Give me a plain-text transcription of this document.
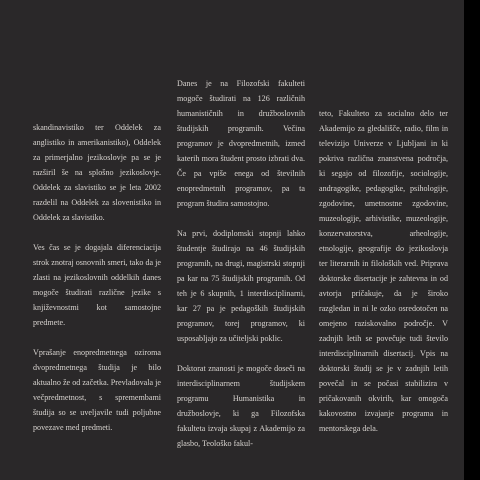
skandinavistiko ter Oddelek za anglistiko in amerikanistiko), Oddelek za primerjalno jezikoslovje pa se je razširil še na splošno jezikoslovje. Oddelek za slavistiko se je leta 2002 razdelil na Oddelek za slovenistiko in Oddelek za slavistiko.

Ves čas se je dogajala diferenciacija strok znotraj osnovnih smeri, tako da je zlasti na jezikoslovnih oddelkih danes mogoče študirati različne jezike s književnostmi kot samostojne predmete.

Vprašanje enopredmetnega oziroma dvopredmetnega študija je bilo aktualno že od začetka. Prevladovala je večpredmetnost, s spremembami študija so se uveljavile tudi poljubne povezave med predmeti.

Danes je na Filozofski fakulteti mogoče študirati na 126 različnih humanističnih in družboslovnih študijskih programih. Večina programov je dvopredmetnih, izmed katerih mora študent prosto izbrati dva. Če pa vpiše enega od številnih enopredmetnih programov, pa ta program študira samostojno.

Na prvi, dodiplomski stopnji lahko študentje študirajo na 46 študijskih programih, na drugi, magistrski stopnji pa kar na 75 študijskih programih. Od teh je 6 skupnih, 1 interdisciplinarni, kar 27 pa je pedagoških študijskih programov, torej programov, ki usposabljajo za učiteljski poklic.

Doktorat znanosti je mogoče doseči na interdisciplinarnem študijskem programu Humanistika in družboslovje, ki ga Filozofska fakulteta izvaja skupaj z Akademijo za glasbo, Teološko fakul-

teto, Fakulteto za socialno delo ter Akademijo za gledališče, radio, film in televizijo Univerze v Ljubljani in ki pokriva različna znanstvena področja, ki segajo od filozofije, sociologije, andragogike, pedagogike, psihologije, zgodovine, umetnostne zgodovine, muzeologije, arhivistike, muzeologije, konzervatorstva, arheologije, etnologije, geografije do jezikoslovja ter literarnih in filoloških ved. Priprava doktorske disertacije je zahtevna in od avtorja pričakuje, da je široko razgledan in ni le ozko osredotočen na omejeno raziskovalno področje. V zadnjih letih se povečuje tudi število interdisciplinarnih disertacij. Vpis na doktorski študij se je v zadnjih letih povečal in se počasi stabilizira v pričakovanih okvirih, kar omogoča kakovostno izvajanje programa in mentorskega dela.
